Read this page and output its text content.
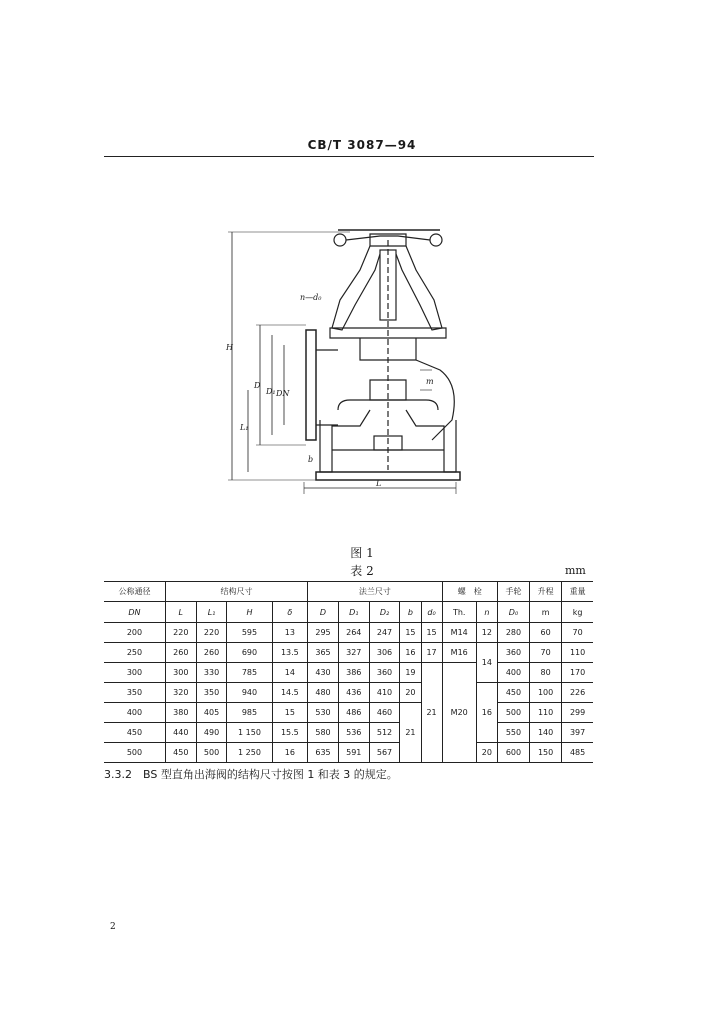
CB/T 3087—94
H
L₁
D
D₁ DN
n—d₀
b
L
m
图 1
表 2	mm
公称通径	结构尺寸				法兰尺寸					螺　栓		手轮	升程	重量
DN	L	L₁	H	δ	D	D₁	D₂	b	d₀	Th.	n	D₀	m	kg
200	220	220	595	13	295	264	247	15	15	M14	12	280	60	70
250	260	260	690	13.5	365	327	306	16	17	M16	14	360	70	110
300	300	330	785	14	430	386	360	19	21	M20		400	80	170
350	320	350	940	14.5	480	436	410	20			16	450	100	226
400	380	405	985	15	530	486	460	21				500	110	299
450	440	490	1 150	15.5	580	536	512					550	140	397
500	450	500	1 250	16	635	591	567				20	600	150	485
3.3.2　BS 型直角出海阀的结构尺寸按图 1 和表 3 的规定。
2
